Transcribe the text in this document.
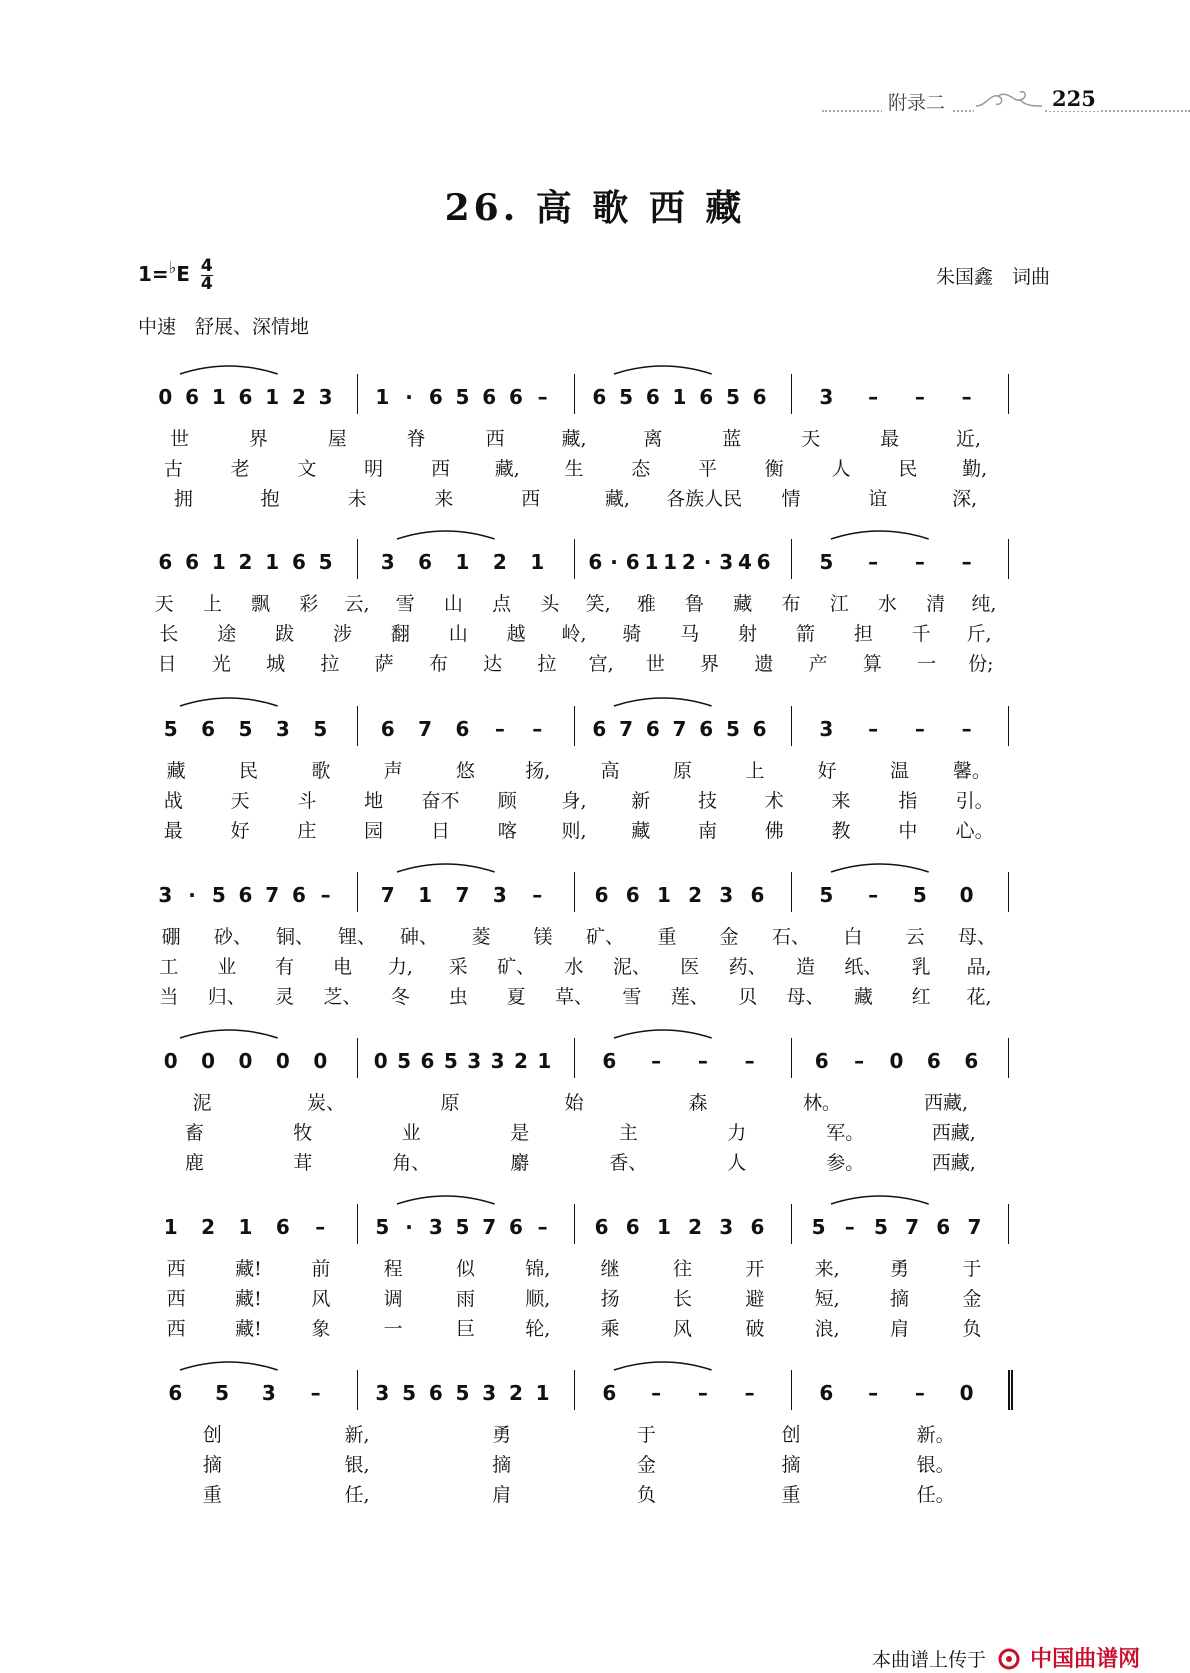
附录二	225
26. 高 歌 西 藏
$1=^♭E \frac{4}{4}$	朱国鑫　词曲
中速　舒展、深情地
0 6 1 6 1 2 3 1 · 6 5 6 6 – 6 5 6 1 6 5 6	3 – – –
世	界	屋	脊	西	藏,	离	蓝	天	最	近,
古	老	文	明	西 藏, 生	态	平	衡	人	民 勤,
拥	抱	未	来	西	藏, 各族人民 情	谊	深,
6 6 1 2 1 6 5 3 6 1 2 1 6 · 6 1 1 2 · 3 4 6 5 – – –
天 上 飘 彩 云, 雪 山 点 头 笑, 雅 鲁 藏 布 江 水 清 纯,
长 途 跋 涉 翻 山 越 岭, 骑 马 射 箭 担 千 斤,
日 光 城 拉 萨 布 达 拉 宫, 世 界 遗 产 算 一 份;
5 6 5 3 5	6 7 6 – –	6 7 6 7 6 5 6	3 – – –
藏	民	歌	声	悠	扬,	高	原	上	好	温 馨。
战	天	斗	地 奋不 顾 身, 新	技	术	来	指 引。
最	好	庄	园	日	喀 则, 藏	南	佛	教	中 心。
3 · 5 6 7 6 –	7 1 7 3 –	6 6 1 2 3 6	5 – 5 0
硼 砂、 铜、 锂、 砷、 菱 镁 矿、 重 金 石、 白 云 母、
工 业 有 电 力, 采 矿、 水 泥、 医 药、 造 纸、 乳 品,
当 归、 灵 芝、 冬 虫 夏 草、 雪 莲、 贝 母、 藏 红 花,
0 0 0 0 0 0 5 6 5 3 3 2 1	6 – – –	6 – 0 6 6
泥	炭、	原	始	森	林。	西藏,
畜	牧	业	是	主	力	军。	西藏,
鹿	茸	角、	麝	香、	人	参。	西藏,
1 2 1 6 –	5 · 3 5 7 6 – 6 6 1 2 3 6 5 – 5 7 6 7
西	藏!	前	程	似	锦,	继	往	开	来,	勇	于
西	藏!	风	调	雨	顺,	扬	长	避	短,	摘	金
西	藏!	象	一	巨	轮,	乘	风	破	浪,	肩	负
6 5 3 –	3 5 6 5 3 2 1	6 – – –	6 – – 0
创	新,	勇	于	创	新。
摘	银,	摘	金	摘	银。
重	任,	肩	负	重	任。
本曲谱上传于 中国曲谱网
